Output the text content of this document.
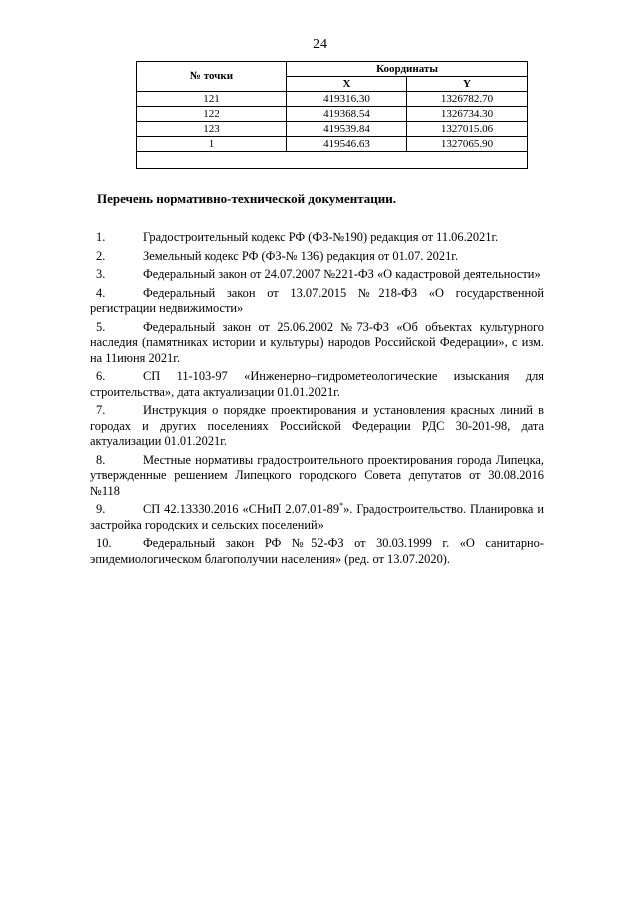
24
№ точки	Координаты	
	X	Y
121	419316.30	1326782.70
122	419368.54	1326734.30
123	419539.84	1327015.06
1	419546.63	1327065.90

Перечень нормативно-технической документации.

1.	Градостроительный кодекс РФ (ФЗ-№190) редакция от 11.06.2021г.

2.	Земельный кодекс РФ (ФЗ-№ 136) редакция от 01.07. 2021г.

3.	Федеральный закон от 24.07.2007 №221-ФЗ «О кадастровой деятельности»

4.	Федеральный закон от 13.07.2015 №218-ФЗ «О государственной регистрации недвижимости»

5.	Федеральный закон от 25.06.2002 №73-ФЗ «Об объектах культурного наследия (памятниках истории и культуры) народов Российской Федерации», с изм. на 11июня 2021г.

6.	СП 11-103-97 «Инженерно–гидрометеологические изыскания для строительства», дата актуализации 01.01.2021г.

7.	Инструкция о порядке проектирования и установления красных линий в городах и других поселениях Российской Федерации РДС 30-201-98, дата актуализации 01.01.2021г.

8.	Местные нормативы градостроительного проектирования города Липецка, утвержденные решением Липецкого городского Совета депутатов от 30.08.2016 №118

9.	СП 42.13330.2016 «СНиП 2.07.01-89*». Градостроительство. Планировка и застройка городских и сельских поселений»

10.	Федеральный закон РФ №52-ФЗ от 30.03.1999 г. «О санитарно-эпидемиологическом благополучии населения» (ред. от 13.07.2020).
